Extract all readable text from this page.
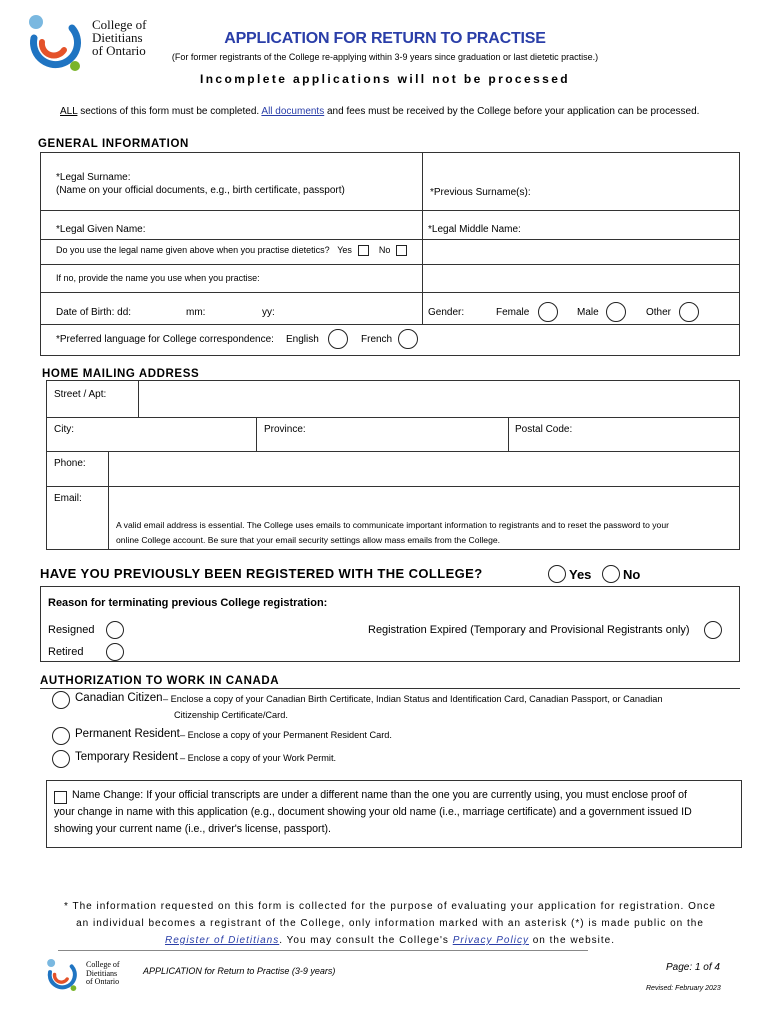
College of
Dietitians
of Ontario
APPLICATION FOR RETURN TO PRACTISE
(For former registrants of the College re-applying within 3-9 years since graduation or last dietetic practise.)
Incomplete applications will not be processed
ALL sections of this form must be completed. All documents and fees must be received by the College before your application can be processed.
GENERAL INFORMATION
*Legal Surname:
(Name on your official documents, e.g., birth certificate, passport)	*Previous Surname(s):
*Legal Given Name:	*Legal Middle Name:
Do you use the legal name given above when you practise dietetics? Yes	No
If no, provide the name you use when you practise:
Date of Birth: dd:	mm:	yy:	Gender:	Female	Male	Other
*Preferred language for College correspondence: English	French
HOME MAILING ADDRESS
Street / Apt:
City:	Province:	Postal Code:
Phone:
Email:
A valid email address is essential. The College uses emails to communicate important information to registrants and to reset the password to your
online College account. Be sure that your email security settings allow mass emails from the College.
HAVE YOU PREVIOUSLY BEEN REGISTERED WITH THE COLLEGE?	Yes No
Reason for terminating previous College registration:
Resigned
Retired
Registration Expired (Temporary and Provisional Registrants only)
AUTHORIZATION TO WORK IN CANADA
Canadian Citizen – Enclose a copy of your Canadian Birth Certificate, Indian Status and Identification Card, Canadian Passport, or Canadian
Citizenship Certificate/Card.
Permanent Resident – Enclose a copy of your Permanent Resident Card.
Temporary Resident – Enclose a copy of your Work Permit.
Name Change: If your official transcripts are under a different name than the one you are currently using, you must enclose proof of
your change in name with this application (e.g., document showing your old name (i.e., marriage certificate) and a government issued ID
showing your current name (i.e., driver's license, passport).
* The information requested on this form is collected for the purpose of evaluating your application for registration. Once
an individual becomes a registrant of the College, only information marked with an asterisk (*) is made public on the
Register of Dietitians. You may consult the College's Privacy Policy on the website.
College of
Dietitians
of Ontario
APPLICATION for Return to Practise (3-9 years)	Page: 1 of 4
Revised: February 2023
